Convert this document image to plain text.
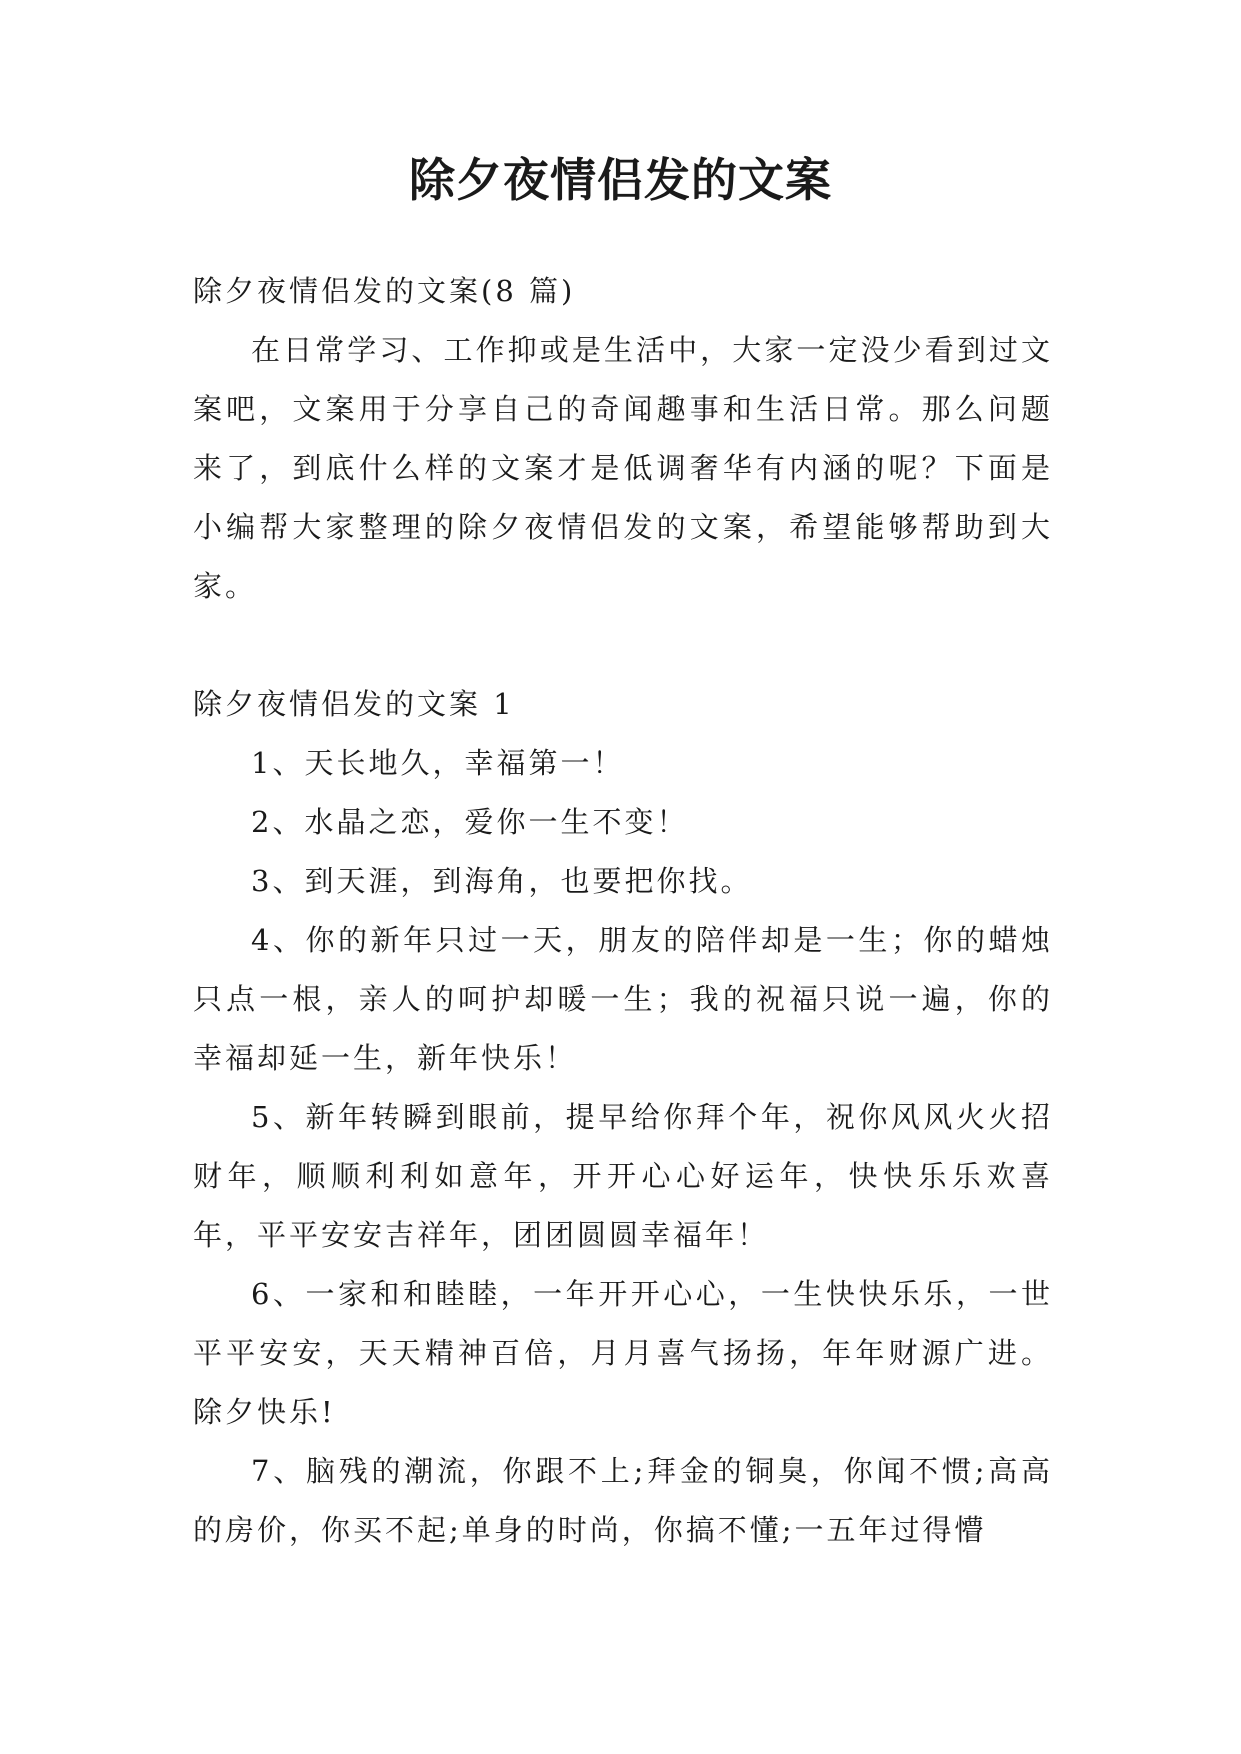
除夕夜情侣发的文案

除夕夜情侣发的文案(8 篇)

在日常学习、工作抑或是生活中，大家一定没少看到过文案吧，文案用于分享自己的奇闻趣事和生活日常。那么问题来了，到底什么样的文案才是低调奢华有内涵的呢？下面是小编帮大家整理的除夕夜情侣发的文案，希望能够帮助到大家。

除夕夜情侣发的文案 1

1、天长地久，幸福第一！

2、水晶之恋，爱你一生不变！

3、到天涯，到海角，也要把你找。

4、你的新年只过一天，朋友的陪伴却是一生；你的蜡烛只点一根，亲人的呵护却暖一生；我的祝福只说一遍，你的幸福却延一生，新年快乐！

5、新年转瞬到眼前，提早给你拜个年，祝你风风火火招财年，顺顺利利如意年，开开心心好运年，快快乐乐欢喜年，平平安安吉祥年，团团圆圆幸福年！

6、一家和和睦睦，一年开开心心，一生快快乐乐，一世平平安安，天天精神百倍，月月喜气扬扬，年年财源广进。除夕快乐!

7、脑残的潮流，你跟不上;拜金的铜臭，你闻不惯;高高的房价，你买不起;单身的时尚，你搞不懂;一五年过得懵
